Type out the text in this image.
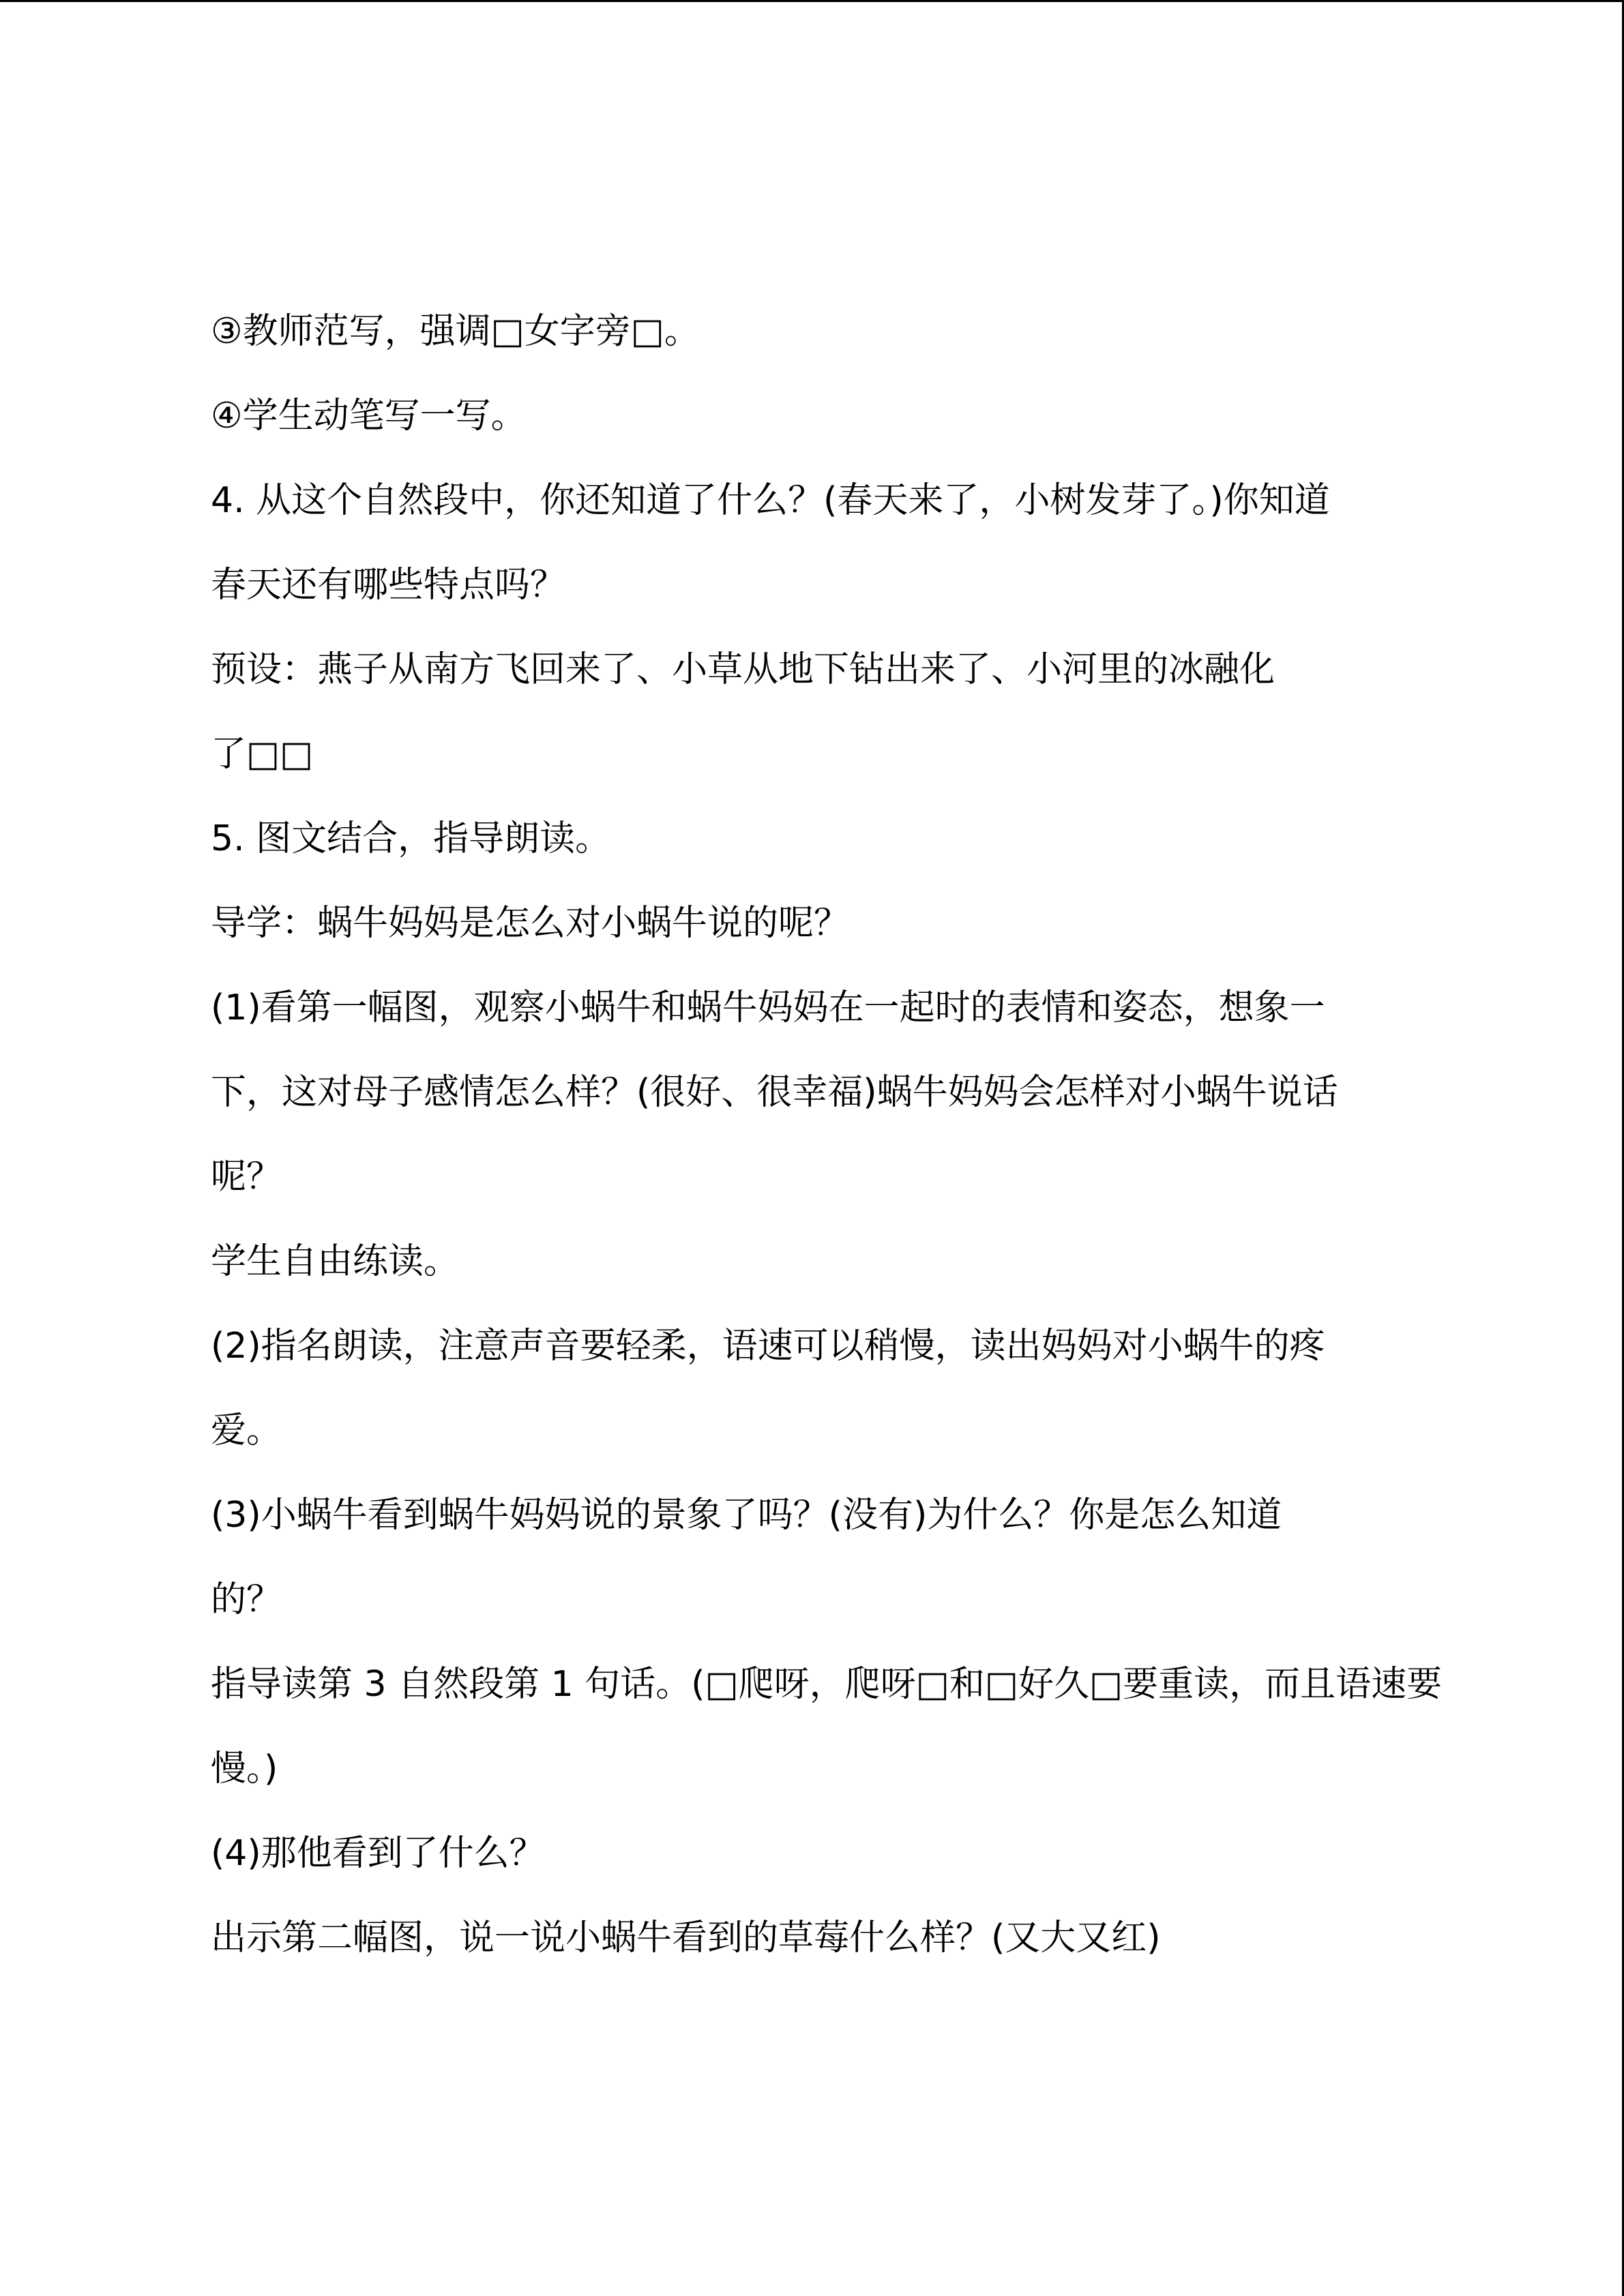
③教师范写，强调□女字旁□。
④学生动笔写一写。
4. 从这个自然段中，你还知道了什么？(春天来了，小树发芽了。)你知道
春天还有哪些特点吗？
预设：燕子从南方飞回来了、小草从地下钻出来了、小河里的冰融化
了□□
5. 图文结合，指导朗读。
导学：蜗牛妈妈是怎么对小蜗牛说的呢？
(1)看第一幅图，观察小蜗牛和蜗牛妈妈在一起时的表情和姿态，想象一
下，这对母子感情怎么样？(很好、很幸福)蜗牛妈妈会怎样对小蜗牛说话
呢？
学生自由练读。
(2)指名朗读，注意声音要轻柔，语速可以稍慢，读出妈妈对小蜗牛的疼
爱。
(3)小蜗牛看到蜗牛妈妈说的景象了吗？(没有)为什么？你是怎么知道
的？
指导读第 3 自然段第 1 句话。(□爬呀，爬呀□和□好久□要重读，而且语速要
慢。)
(4)那他看到了什么？
出示第二幅图，说一说小蜗牛看到的草莓什么样？(又大又红)
